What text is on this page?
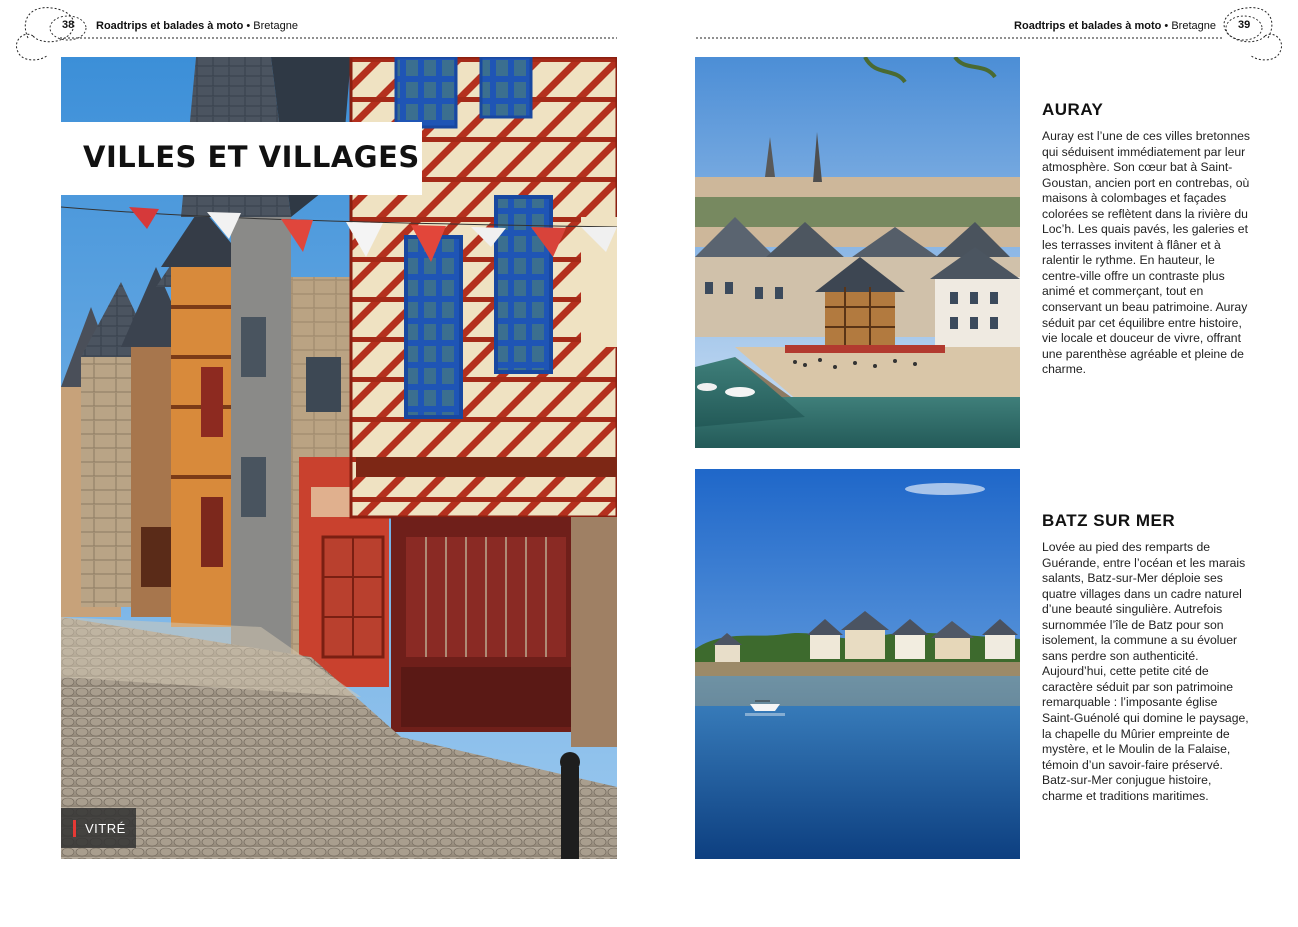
38 Roadtrips et balades à moto • Bretagne	Roadtrips et balades à moto • Bretagne 39
VILLES ET VILLAGES
VITRÉ
AURAY

Auray est l’une de ces villes bretonnes qui séduisent immédiatement par leur atmosphère. Son cœur bat à Saint-Goustan, ancien port en contrebas, où maisons à colombages et façades colorées se reflètent dans la rivière du Loc’h. Les quais pavés, les galeries et les terrasses invitent à flâner et à ralentir le rythme. En hauteur, le centre-ville offre un contraste plus animé et commerçant, tout en conservant un beau patrimoine. Auray séduit par cet équilibre entre histoire, vie locale et douceur de vivre, offrant une parenthèse agréable et pleine de charme.

BATZ SUR MER

Lovée au pied des remparts de Guérande, entre l’océan et les marais salants, Batz-sur-Mer déploie ses quatre villages dans un cadre naturel d’une beauté singulière. Autrefois surnommée l’île de Batz pour son isolement, la commune a su évoluer sans perdre son authenticité. Aujourd’hui, cette petite cité de caractère séduit par son patrimoine remarquable : l’imposante église Saint-Guénolé qui domine le paysage, la chapelle du Mûrier empreinte de mystère, et le Moulin de la Falaise, témoin d’un savoir-faire préservé. Batz-sur-Mer conjugue histoire, charme et traditions maritimes.
